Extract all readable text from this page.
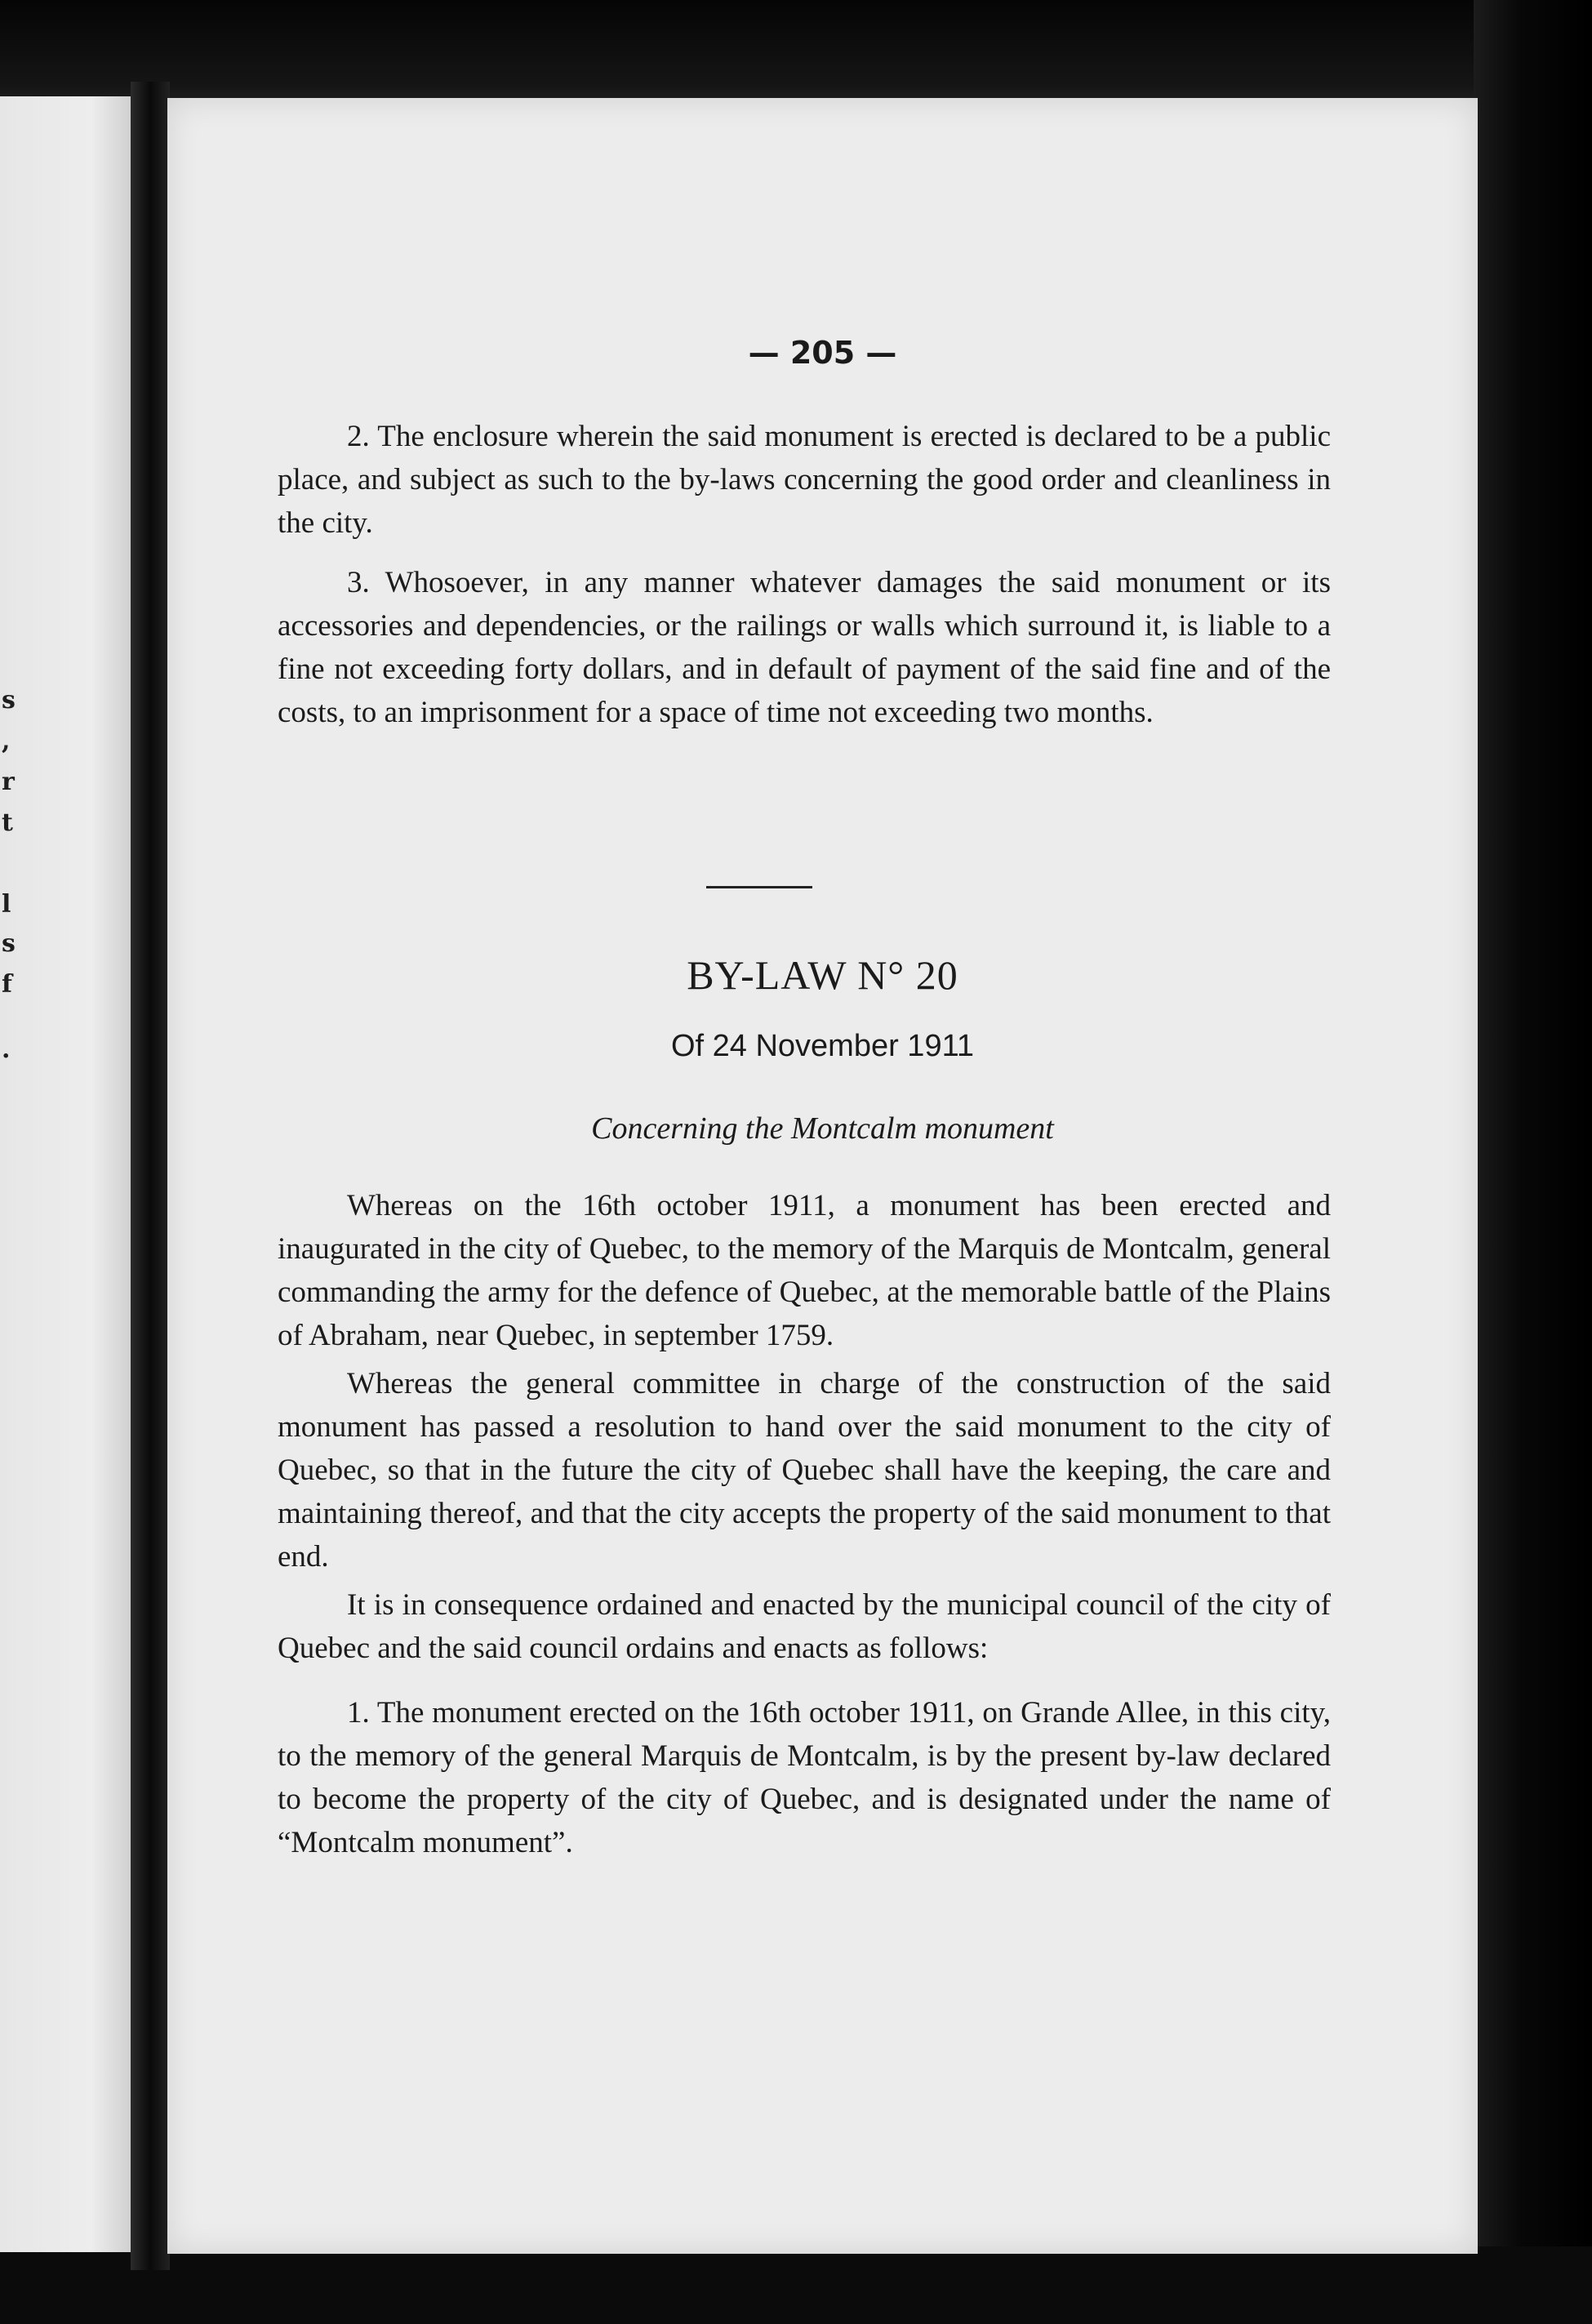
s
,
r
t
l
s
f
.
— 205 —

2. The enclosure wherein the said monument is erected is declared to be a public place, and subject as such to the by-laws concerning the good order and cleanliness in the city.

3. Whosoever, in any manner whatever damages the said monument or its accessories and dependencies, or the railings or walls which surround it, is liable to a fine not exceeding forty dollars, and in default of payment of the said fine and of the costs, to an imprisonment for a space of time not exceeding two months.

BY-LAW N° 20
Of 24 November 1911
Concerning the Montcalm monument

Whereas on the 16th october 1911, a monument has been erected and inaugurated in the city of Quebec, to the memory of the Marquis de Montcalm, general commanding the army for the defence of Quebec, at the memorable battle of the Plains of Abraham, near Quebec, in september 1759.

Whereas the general committee in charge of the construction of the said monument has passed a resolution to hand over the said monument to the city of Quebec, so that in the future the city of Quebec shall have the keeping, the care and maintaining thereof, and that the city accepts the property of the said monument to that end.

It is in consequence ordained and enacted by the municipal council of the city of Quebec and the said council ordains and enacts as follows:

1. The monument erected on the 16th october 1911, on Grande Allee, in this city, to the memory of the general Marquis de Montcalm, is by the present by-law declared to become the property of the city of Quebec, and is designated under the name of “Montcalm monument”.
